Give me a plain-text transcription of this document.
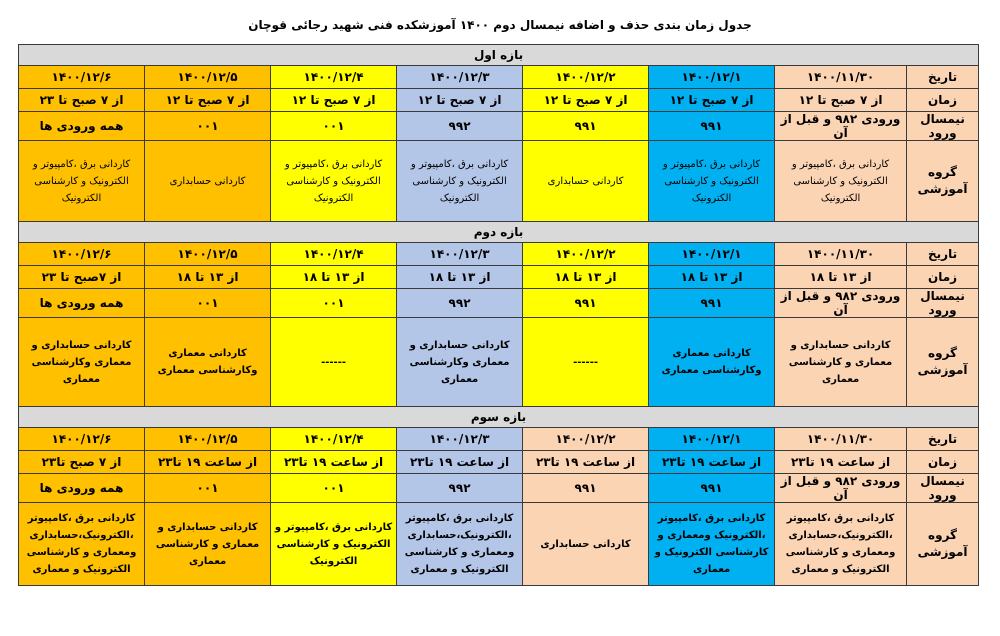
جدول زمان بندی حذف و اضافه نیمسال دوم ۱۴۰۰ آموزشکده فنی شهید رجائی قوچان
بازه اول							
تاریخ	۱۴۰۰/۱۱/۳۰	۱۴۰۰/۱۲/۱	۱۴۰۰/۱۲/۲	۱۴۰۰/۱۲/۳	۱۴۰۰/۱۲/۴	۱۴۰۰/۱۲/۵	۱۴۰۰/۱۲/۶
زمان	از ۷ صبح تا ۱۲	از ۷ صبح تا ۱۲	از ۷ صبح تا ۱۲	از ۷ صبح تا ۱۲	از ۷ صبح تا ۱۲	از ۷ صبح تا ۱۲	از ۷ صبح تا ۲۳
نیمسال ورود	ورودی ۹۸۲ و قبل از آن	۹۹۱	۹۹۱	۹۹۲	۰۰۱	۰۰۱	همه ورودی ها
گروه آموزشی	کاردانی برق ،کامپیوتر و الکترونیک و کارشناسی الکترونیک	کاردانی برق ،کامپیوتر و الکترونیک و کارشناسی الکترونیک	کاردانی حسابداری	کاردانی برق ،کامپیوتر و الکترونیک و کارشناسی الکترونیک	کاردانی برق ،کامپیوتر و الکترونیک و کارشناسی الکترونیک	کاردانی حسابداری	کاردانی برق ،کامپیوتر و الکترونیک و کارشناسی الکترونیک
بازه دوم							
تاریخ	۱۴۰۰/۱۱/۳۰	۱۴۰۰/۱۲/۱	۱۴۰۰/۱۲/۲	۱۴۰۰/۱۲/۳	۱۴۰۰/۱۲/۴	۱۴۰۰/۱۲/۵	۱۴۰۰/۱۲/۶
زمان	از ۱۳ تا ۱۸	از ۱۳ تا ۱۸	از ۱۳ تا ۱۸	از ۱۳ تا ۱۸	از ۱۳ تا ۱۸	از ۱۳ تا ۱۸	از ۷صبح تا ۲۳
نیمسال ورود	ورودی ۹۸۲ و قبل از آن	۹۹۱	۹۹۱	۹۹۲	۰۰۱	۰۰۱	همه ورودی ها
گروه آموزشی	کاردانی حسابداری و معماری و کارشناسی معماری	کاردانی معماری وکارشناسی معماری	------	کاردانی حسابداری و معماری وکارشناسی معماری	------	کاردانی معماری وکارشناسی معماری	کاردانی حسابداری و معماری وکارشناسی معماری
بازه سوم							
تاریخ	۱۴۰۰/۱۱/۳۰	۱۴۰۰/۱۲/۱	۱۴۰۰/۱۲/۲	۱۴۰۰/۱۲/۳	۱۴۰۰/۱۲/۴	۱۴۰۰/۱۲/۵	۱۴۰۰/۱۲/۶
زمان	از ساعت ۱۹ تا۲۳	از ساعت ۱۹ تا۲۳	از ساعت ۱۹ تا۲۳	از ساعت ۱۹ تا۲۳	از ساعت ۱۹ تا۲۳	از ساعت ۱۹ تا۲۳	از ۷ صبح تا۲۳
نیمسال ورود	ورودی ۹۸۲ و قبل از آن	۹۹۱	۹۹۱	۹۹۲	۰۰۱	۰۰۱	همه ورودی ها
گروه آموزشی	کاردانی برق ،کامپیوتر ،الکترونیک،حسابداری ومعماری و کارشناسی الکترونیک و معماری	کاردانی برق ،کامپیوتر ،الکترونیک ومعماری و کارشناسی الکترونیک و معماری	کاردانی حسابداری	کاردانی برق ،کامپیوتر ،الکترونیک،حسابداری ومعماری و کارشناسی الکترونیک و معماری	کاردانی برق ،کامپیوتر و الکترونیک و کارشناسی الکترونیک	کاردانی حسابداری و معماری و کارشناسی معماری	کاردانی برق ،کامپیوتر ،الکترونیک،حسابداری ومعماری و کارشناسی الکترونیک و معماری
